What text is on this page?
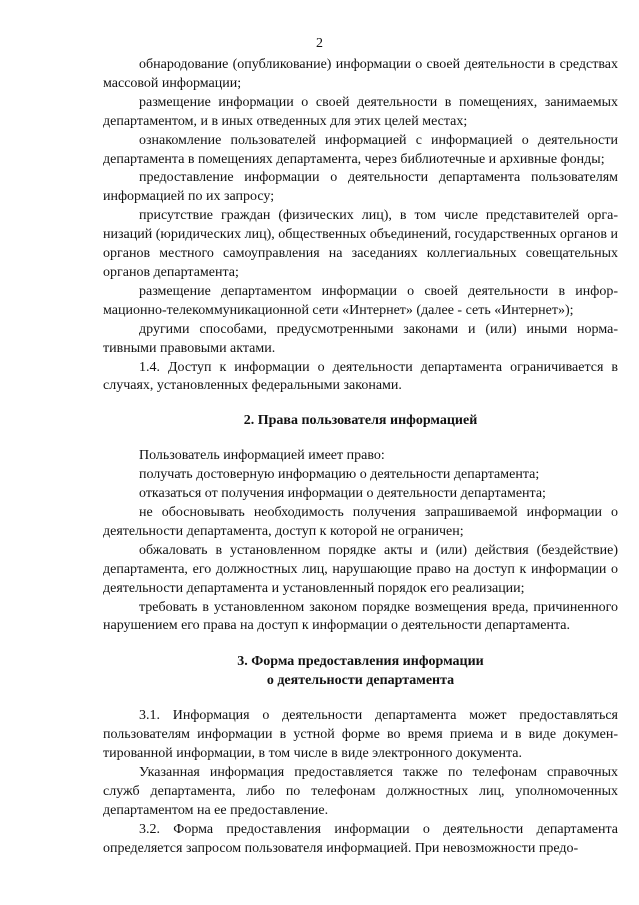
2

обнародование (опубликование) информации о своей деятельности в средствах массовой информации;

размещение информации о своей деятельности в помещениях, занимаемых департаментом, и в иных отведенных для этих целей местах;

ознакомление пользователей информацией с информацией о деятельности департамента в помещениях департамента, через библиотечные и архивные фонды;

предоставление информации о деятельности департамента пользователям информацией по их запросу;

присутствие граждан (физических лиц), в том числе представителей организаций (юридических лиц), общественных объединений, государственных органов и органов местного самоуправления на заседаниях коллегиальных совещательных органов департамента;

размещение департаментом информации о своей деятельности в информационно-телекоммуникационной сети «Интернет» (далее - сеть «Интернет»);

другими способами, предусмотренными законами и (или) иными нормативными правовыми актами.

1.4. Доступ к информации о деятельности департамента ограничивается в случаях, установленных федеральными законами.

2. Права пользователя информацией

Пользователь информацией имеет право:

получать достоверную информацию о деятельности департамента;

отказаться от получения информации о деятельности департамента;

не обосновывать необходимость получения запрашиваемой информации о деятельности департамента, доступ к которой не ограничен;

обжаловать в установленном порядке акты и (или) действия (бездействие) департамента, его должностных лиц, нарушающие право на доступ к информации о деятельности департамента и установленный порядок его реализации;

требовать в установленном законом порядке возмещения вреда, причиненного нарушением его права на доступ к информации о деятельности департамента.

3. Форма предоставления информации
о деятельности департамента

3.1. Информация о деятельности департамента может предоставляться пользователям информации в устной форме во время приема и в виде документированной информации, в том числе в виде электронного документа.

Указанная информация предоставляется также по телефонам справочных служб департамента, либо по телефонам должностных лиц, уполномоченных департаментом на ее предоставление.

3.2. Форма предоставления информации о деятельности департамента определяется запросом пользователя информацией. При невозможности предо-
